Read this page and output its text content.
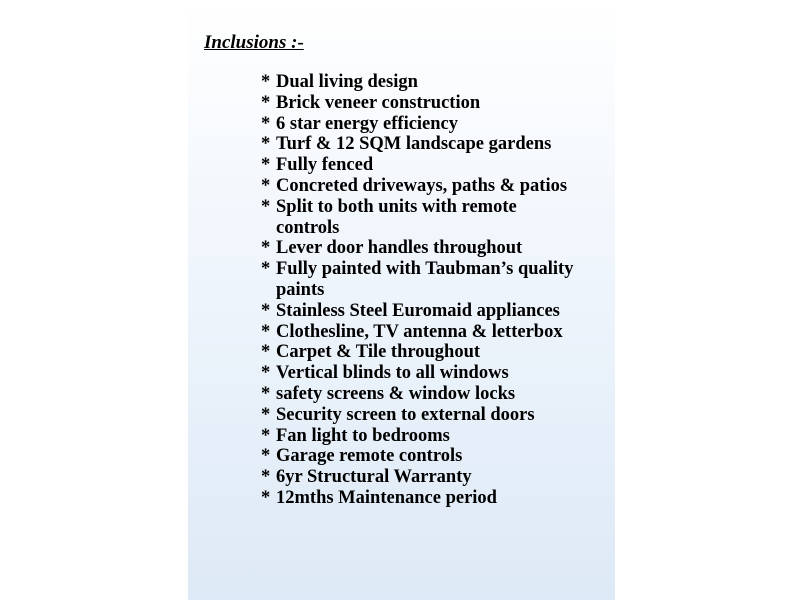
Inclusions :-
* Dual living design
* Brick veneer construction
* 6 star energy efficiency
* Turf & 12 SQM landscape gardens
* Fully fenced
* Concreted driveways, paths & patios
* Split to both units with remote
controls
* Lever door handles throughout
* Fully painted with Taubman’s quality
paints
* Stainless Steel Euromaid appliances
* Clothesline, TV antenna & letterbox
* Carpet & Tile throughout
* Vertical blinds to all windows
* safety screens & window locks
* Security screen to external doors
* Fan light to bedrooms
* Garage remote controls
* 6yr Structural Warranty
* 12mths Maintenance period
